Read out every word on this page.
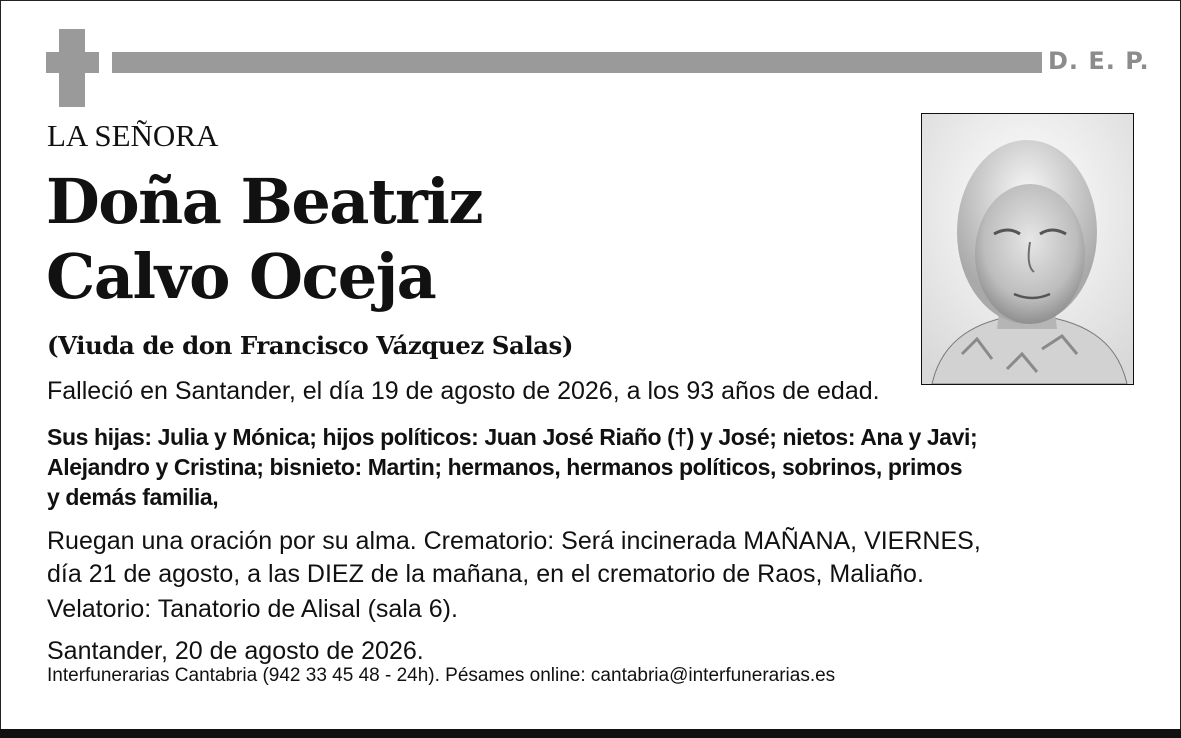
D. E. P.
LA SEÑORA
Doña Beatriz
Calvo Oceja
(Viuda de don Francisco Vázquez Salas)
Falleció en Santander, el día 19 de agosto de 2026, a los 93 años de edad.
Sus hijas: Julia y Mónica; hijos políticos: Juan José Riaño (†) y José; nietos: Ana y Javi;
Alejandro y Cristina; bisnieto: Martin; hermanos, hermanos políticos, sobrinos, primos
y demás familia,
Ruegan una oración por su alma. Crematorio: Será incinerada MAÑANA, VIERNES,
día 21 de agosto, a las DIEZ de la mañana, en el crematorio de Raos, Maliaño.
Velatorio: Tanatorio de Alisal (sala 6).
Santander, 20 de agosto de 2026.
Interfunerarias Cantabria (942 33 45 48 - 24h). Pésames online: cantabria@interfunerarias.es
